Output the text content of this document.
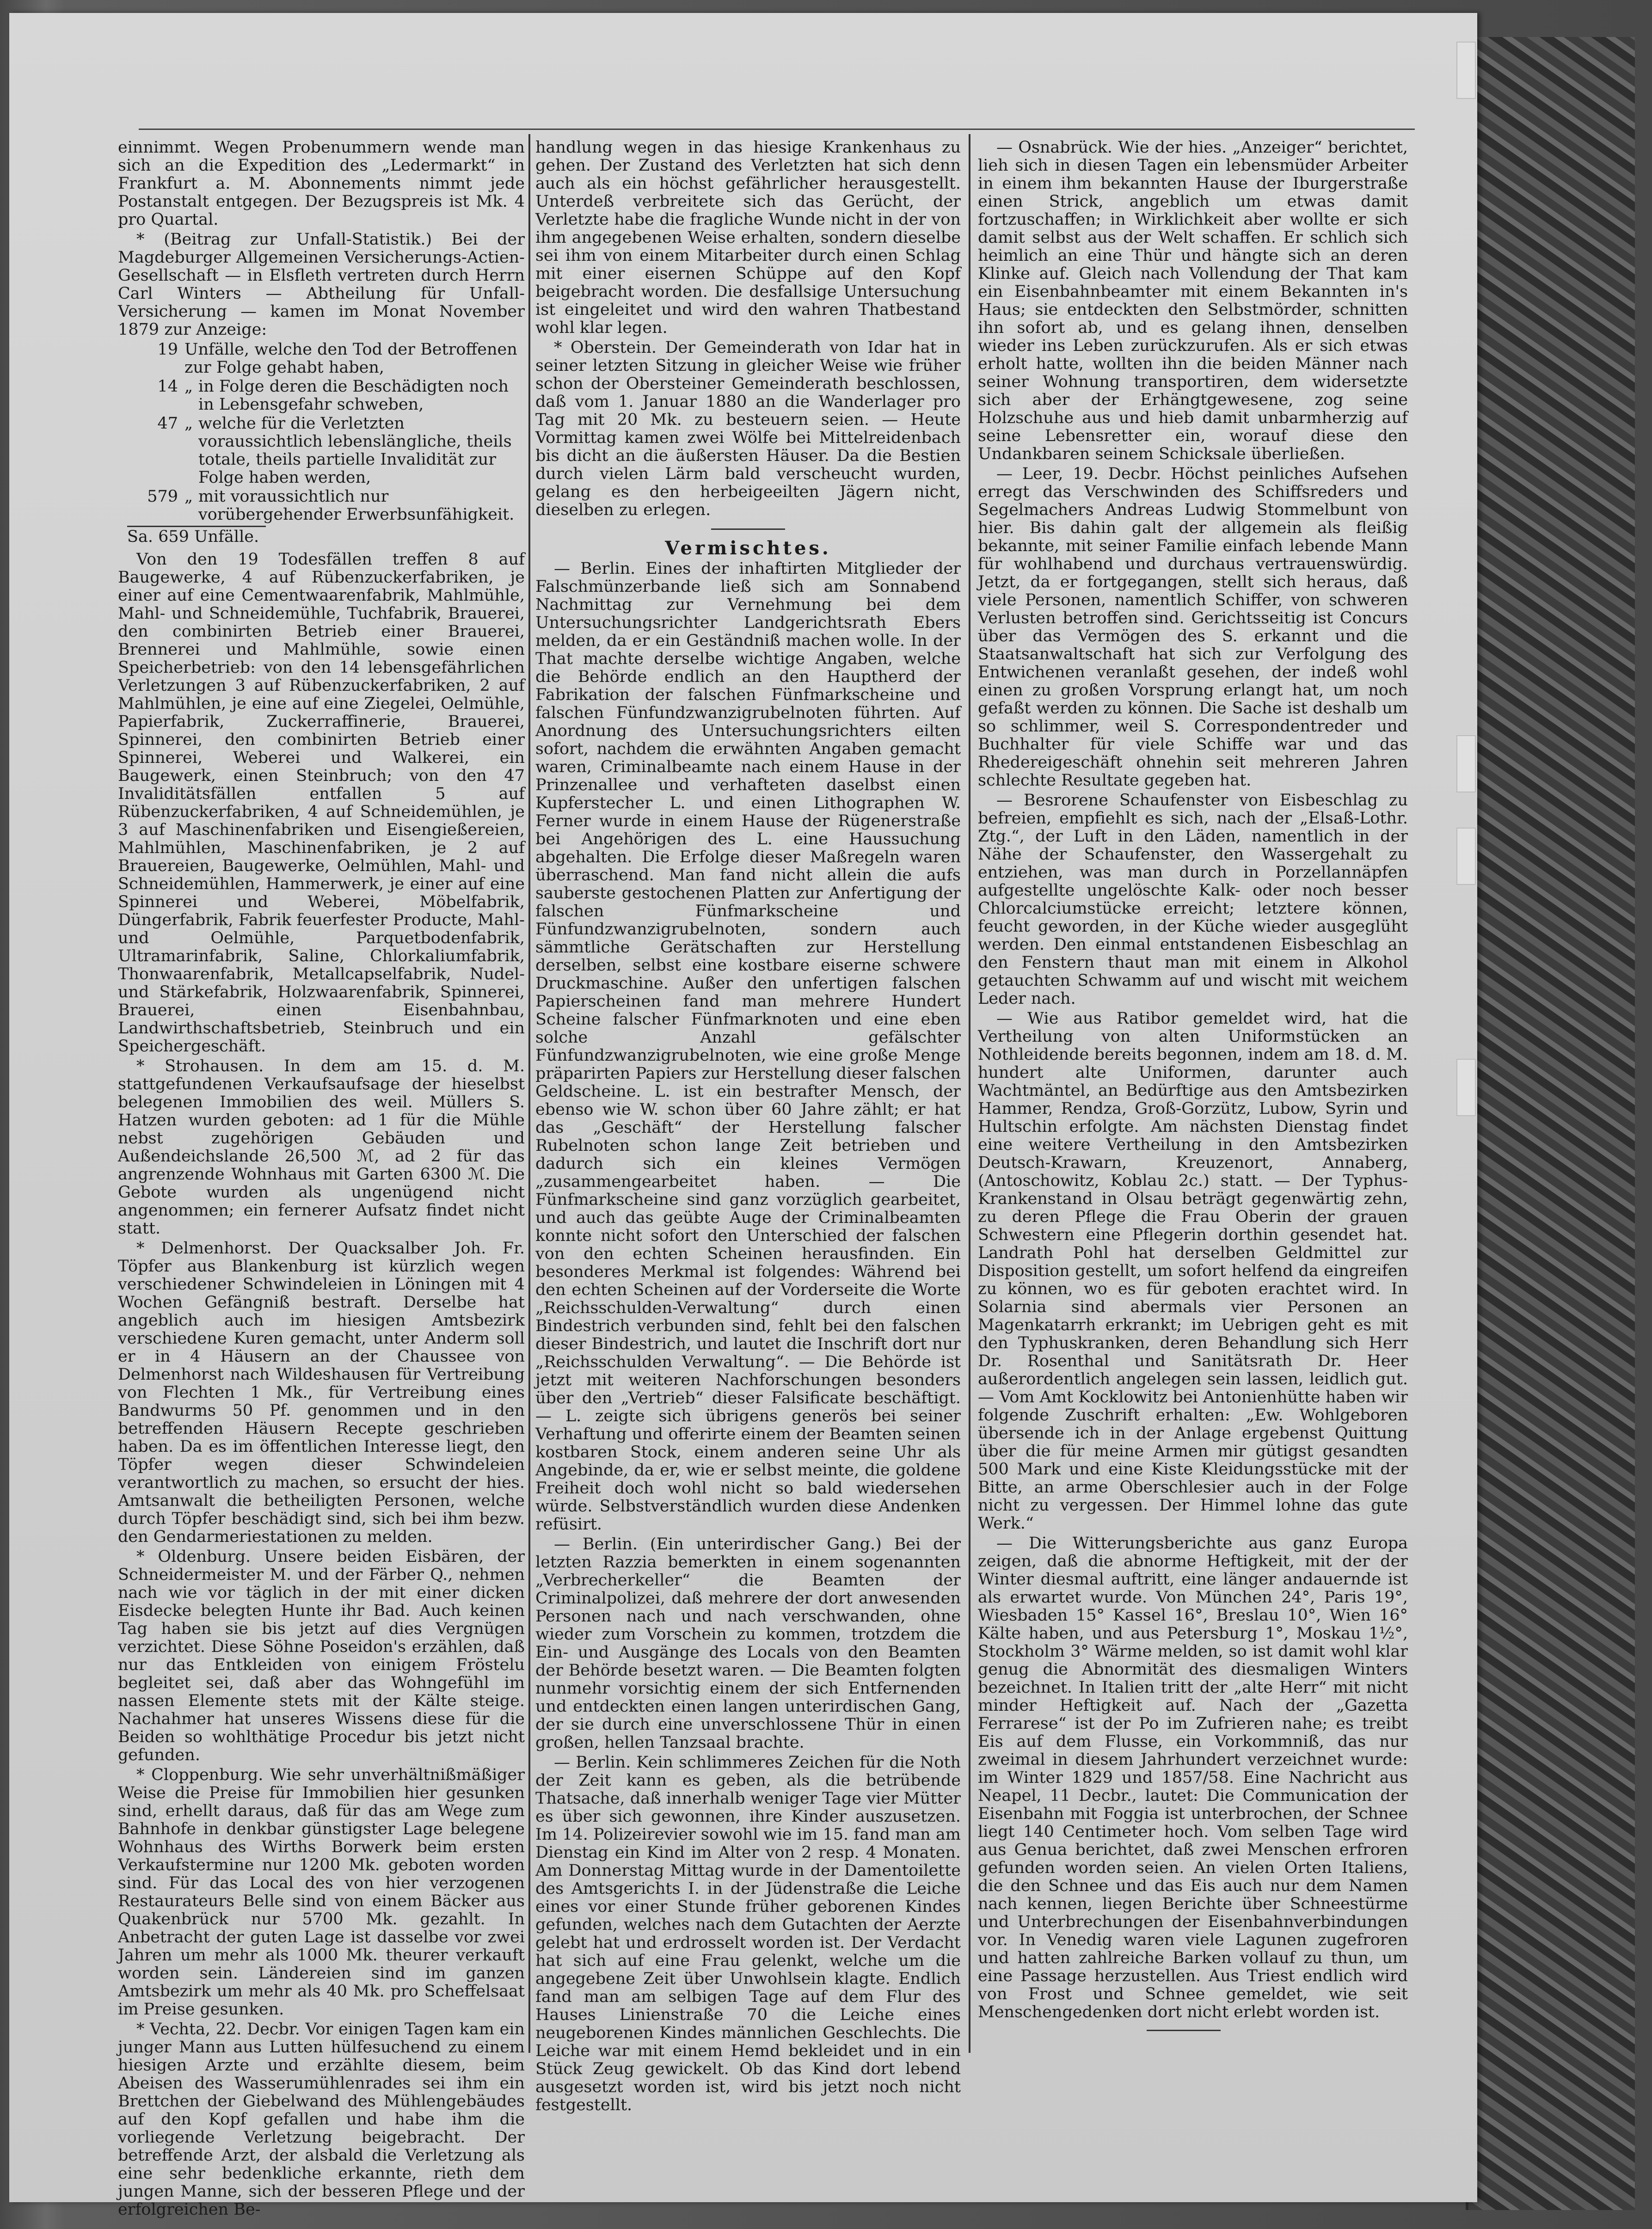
einnimmt. Wegen Probenummern wende man sich an die Expedition des „Ledermarkt“ in Frankfurt a. M. Abonnements nimmt jede Postanstalt entgegen. Der Bezugspreis ist Mk. 4 pro Quartal.

* (Beitrag zur Unfall-Statistik.) Bei der Magdeburger Allgemeinen Versicherungs-Actien-Gesellschaft — in Elsfleth vertreten durch Herrn Carl Winters — Abtheilung für Unfall-Versicherung — kamen im Monat November 1879 zur Anzeige:

19 Unfälle, welche den Tod der Betroffenen zur Folge gehabt haben,
14 „ in Folge deren die Beschädigten noch in Lebensgefahr schweben,
47 „ welche für die Verletzten voraussichtlich lebenslängliche, theils totale, theils partielle Invalidität zur Folge haben werden,
579 „ mit voraussichtlich nur vorübergehender Erwerbsunfähigkeit.
Sa. 659 Unfälle.

Von den 19 Todesfällen treffen 8 auf Baugewerke, 4 auf Rübenzuckerfabriken, je einer auf eine Cementwaarenfabrik, Mahlmühle, Mahl- und Schneidemühle, Tuchfabrik, Brauerei, den combinirten Betrieb einer Brauerei, Brennerei und Mahlmühle, sowie einen Speicherbetrieb: von den 14 lebensgefährlichen Verletzungen 3 auf Rübenzuckerfabriken, 2 auf Mahlmühlen, je eine auf eine Ziegelei, Oelmühle, Papierfabrik, Zuckerraffinerie, Brauerei, Spinnerei, den combinirten Betrieb einer Spinnerei, Weberei und Walkerei, ein Baugewerk, einen Steinbruch; von den 47 Invaliditätsfällen entfallen 5 auf Rübenzuckerfabriken, 4 auf Schneidemühlen, je 3 auf Maschinenfabriken und Eisengießereien, Mahlmühlen, Maschinenfabriken, je 2 auf Brauereien, Baugewerke, Oelmühlen, Mahl- und Schneidemühlen, Hammerwerk, je einer auf eine Spinnerei und Weberei, Möbelfabrik, Düngerfabrik, Fabrik feuerfester Producte, Mahl- und Oelmühle, Parquetbodenfabrik, Ultramarinfabrik, Saline, Chlorkaliumfabrik, Thonwaarenfabrik, Metallcapselfabrik, Nudel- und Stärkefabrik, Holzwaarenfabrik, Spinnerei, Brauerei, einen Eisenbahnbau, Landwirthschaftsbetrieb, Steinbruch und ein Speichergeschäft.

* Strohausen. In dem am 15. d. M. stattgefundenen Verkaufsaufsage der hieselbst belegenen Immobilien des weil. Müllers S. Hatzen wurden geboten: ad 1 für die Mühle nebst zugehörigen Gebäuden und Außendeichslande 26,500 ℳ, ad 2 für das angrenzende Wohnhaus mit Garten 6300 ℳ. Die Gebote wurden als ungenügend nicht angenommen; ein fernerer Aufsatz findet nicht statt.

* Delmenhorst. Der Quacksalber Joh. Fr. Töpfer aus Blankenburg ist kürzlich wegen verschiedener Schwindeleien in Löningen mit 4 Wochen Gefängniß bestraft. Derselbe hat angeblich auch im hiesigen Amtsbezirk verschiedene Kuren gemacht, unter Anderm soll er in 4 Häusern an der Chaussee von Delmenhorst nach Wildeshausen für Vertreibung von Flechten 1 Mk., für Vertreibung eines Bandwurms 50 Pf. genommen und in den betreffenden Häusern Recepte geschrieben haben. Da es im öffentlichen Interesse liegt, den Töpfer wegen dieser Schwindeleien verantwortlich zu machen, so ersucht der hies. Amtsanwalt die betheiligten Personen, welche durch Töpfer beschädigt sind, sich bei ihm bezw. den Gendarmeriestationen zu melden.

* Oldenburg. Unsere beiden Eisbären, der Schneidermeister M. und der Färber Q., nehmen nach wie vor täglich in der mit einer dicken Eisdecke belegten Hunte ihr Bad. Auch keinen Tag haben sie bis jetzt auf dies Vergnügen verzichtet. Diese Söhne Poseidon's erzählen, daß nur das Entkleiden von einigem Fröstelu begleitet sei, daß aber das Wohngefühl im nassen Elemente stets mit der Kälte steige. Nachahmer hat unseres Wissens diese für die Beiden so wohlthätige Procedur bis jetzt nicht gefunden.

* Cloppenburg. Wie sehr unverhältnißmäßiger Weise die Preise für Immobilien hier gesunken sind, erhellt daraus, daß für das am Wege zum Bahnhofe in denkbar günstigster Lage belegene Wohnhaus des Wirths Borwerk beim ersten Verkaufstermine nur 1200 Mk. geboten worden sind. Für das Local des von hier verzogenen Restaurateurs Belle sind von einem Bäcker aus Quakenbrück nur 5700 Mk. gezahlt. In Anbetracht der guten Lage ist dasselbe vor zwei Jahren um mehr als 1000 Mk. theurer verkauft worden sein. Ländereien sind im ganzen Amtsbezirk um mehr als 40 Mk. pro Scheffelsaat im Preise gesunken.

* Vechta, 22. Decbr. Vor einigen Tagen kam ein junger Mann aus Lutten hülfesuchend zu einem hiesigen Arzte und erzählte diesem, beim Abeisen des Wasserumühlenrades sei ihm ein Brettchen der Giebelwand des Mühlengebäudes auf den Kopf gefallen und habe ihm die vorliegende Verletzung beigebracht. Der betreffende Arzt, der alsbald die Verletzung als eine sehr bedenkliche erkannte, rieth dem jungen Manne, sich der besseren Pflege und der erfolgreichen Be-

handlung wegen in das hiesige Krankenhaus zu gehen. Der Zustand des Verletzten hat sich denn auch als ein höchst gefährlicher herausgestellt. Unterdeß verbreitete sich das Gerücht, der Verletzte habe die fragliche Wunde nicht in der von ihm angegebenen Weise erhalten, sondern dieselbe sei ihm von einem Mitarbeiter durch einen Schlag mit einer eisernen Schüppe auf den Kopf beigebracht worden. Die desfallsige Untersuchung ist eingeleitet und wird den wahren Thatbestand wohl klar legen.

* Oberstein. Der Gemeinderath von Idar hat in seiner letzten Sitzung in gleicher Weise wie früher schon der Obersteiner Gemeinderath beschlossen, daß vom 1. Januar 1880 an die Wanderlager pro Tag mit 20 Mk. zu besteuern seien. — Heute Vormittag kamen zwei Wölfe bei Mittelreidenbach bis dicht an die äußersten Häuser. Da die Bestien durch vielen Lärm bald verscheucht wurden, gelang es den herbeigeeilten Jägern nicht, dieselben zu erlegen.

Vermischtes.

— Berlin. Eines der inhaftirten Mitglieder der Falschmünzerbande ließ sich am Sonnabend Nachmittag zur Vernehmung bei dem Untersuchungsrichter Landgerichtsrath Ebers melden, da er ein Geständniß machen wolle. In der That machte derselbe wichtige Angaben, welche die Behörde endlich an den Hauptherd der Fabrikation der falschen Fünfmarkscheine und falschen Fünfundzwanzigrubelnoten führten. Auf Anordnung des Untersuchungsrichters eilten sofort, nachdem die erwähnten Angaben gemacht waren, Criminalbeamte nach einem Hause in der Prinzenallee und verhafteten daselbst einen Kupferstecher L. und einen Lithographen W. Ferner wurde in einem Hause der Rügenerstraße bei Angehörigen des L. eine Haussuchung abgehalten. Die Erfolge dieser Maßregeln waren überraschend. Man fand nicht allein die aufs sauberste gestochenen Platten zur Anfertigung der falschen Fünfmarkscheine und Fünfundzwanzigrubelnoten, sondern auch sämmtliche Gerätschaften zur Herstellung derselben, selbst eine kostbare eiserne schwere Druckmaschine. Außer den unfertigen falschen Papierscheinen fand man mehrere Hundert Scheine falscher Fünfmarknoten und eine eben solche Anzahl gefälschter Fünfundzwanzigrubelnoten, wie eine große Menge präparirten Papiers zur Herstellung dieser falschen Geldscheine. L. ist ein bestrafter Mensch, der ebenso wie W. schon über 60 Jahre zählt; er hat das „Geschäft“ der Herstellung falscher Rubelnoten schon lange Zeit betrieben und dadurch sich ein kleines Vermögen „zusammengearbeitet haben. — Die Fünfmarkscheine sind ganz vorzüglich gearbeitet, und auch das geübte Auge der Criminalbeamten konnte nicht sofort den Unterschied der falschen von den echten Scheinen herausfinden. Ein besonderes Merkmal ist folgendes: Während bei den echten Scheinen auf der Vorderseite die Worte „Reichsschulden-Verwaltung“ durch einen Bindestrich verbunden sind, fehlt bei den falschen dieser Bindestrich, und lautet die Inschrift dort nur „Reichsschulden Verwaltung“. — Die Behörde ist jetzt mit weiteren Nachforschungen besonders über den „Vertrieb“ dieser Falsificate beschäftigt. — L. zeigte sich übrigens generös bei seiner Verhaftung und offerirte einem der Beamten seinen kostbaren Stock, einem anderen seine Uhr als Angebinde, da er, wie er selbst meinte, die goldene Freiheit doch wohl nicht so bald wiedersehen würde. Selbstverständlich wurden diese Andenken refüsirt.

— Berlin. (Ein unterirdischer Gang.) Bei der letzten Razzia bemerkten in einem sogenannten „Verbrecherkeller“ die Beamten der Criminalpolizei, daß mehrere der dort anwesenden Personen nach und nach verschwanden, ohne wieder zum Vorschein zu kommen, trotzdem die Ein- und Ausgänge des Locals von den Beamten der Behörde besetzt waren. — Die Beamten folgten nunmehr vorsichtig einem der sich Entfernenden und entdeckten einen langen unterirdischen Gang, der sie durch eine unverschlossene Thür in einen großen, hellen Tanzsaal brachte.

— Berlin. Kein schlimmeres Zeichen für die Noth der Zeit kann es geben, als die betrübende Thatsache, daß innerhalb weniger Tage vier Mütter es über sich gewonnen, ihre Kinder auszusetzen. Im 14. Polizeirevier sowohl wie im 15. fand man am Dienstag ein Kind im Alter von 2 resp. 4 Monaten. Am Donnerstag Mittag wurde in der Damentoilette des Amtsgerichts I. in der Jüdenstraße die Leiche eines vor einer Stunde früher geborenen Kindes gefunden, welches nach dem Gutachten der Aerzte gelebt hat und erdrosselt worden ist. Der Verdacht hat sich auf eine Frau gelenkt, welche um die angegebene Zeit über Unwohlsein klagte. Endlich fand man am selbigen Tage auf dem Flur des Hauses Linienstraße 70 die Leiche eines neugeborenen Kindes männlichen Geschlechts. Die Leiche war mit einem Hemd bekleidet und in ein Stück Zeug gewickelt. Ob das Kind dort lebend ausgesetzt worden ist, wird bis jetzt noch nicht festgestellt.

— Osnabrück. Wie der hies. „Anzeiger“ berichtet, lieh sich in diesen Tagen ein lebensmüder Arbeiter in einem ihm bekannten Hause der Iburgerstraße einen Strick, angeblich um etwas damit fortzuschaffen; in Wirklichkeit aber wollte er sich damit selbst aus der Welt schaffen. Er schlich sich heimlich an eine Thür und hängte sich an deren Klinke auf. Gleich nach Vollendung der That kam ein Eisenbahnbeamter mit einem Bekannten in's Haus; sie entdeckten den Selbstmörder, schnitten ihn sofort ab, und es gelang ihnen, denselben wieder ins Leben zurückzurufen. Als er sich etwas erholt hatte, wollten ihn die beiden Männer nach seiner Wohnung transportiren, dem widersetzte sich aber der Erhängtgewesene, zog seine Holzschuhe aus und hieb damit unbarmherzig auf seine Lebensretter ein, worauf diese den Undankbaren seinem Schicksale überließen.

— Leer, 19. Decbr. Höchst peinliches Aufsehen erregt das Verschwinden des Schiffsreders und Segelmachers Andreas Ludwig Stommelbunt von hier. Bis dahin galt der allgemein als fleißig bekannte, mit seiner Familie einfach lebende Mann für wohlhabend und durchaus vertrauenswürdig. Jetzt, da er fortgegangen, stellt sich heraus, daß viele Personen, namentlich Schiffer, von schweren Verlusten betroffen sind. Gerichtsseitig ist Concurs über das Vermögen des S. erkannt und die Staatsanwaltschaft hat sich zur Verfolgung des Entwichenen veranlaßt gesehen, der indeß wohl einen zu großen Vorsprung erlangt hat, um noch gefaßt werden zu können. Die Sache ist deshalb um so schlimmer, weil S. Correspondentreder und Buchhalter für viele Schiffe war und das Rhedereigeschäft ohnehin seit mehreren Jahren schlechte Resultate gegeben hat.

— Besrorene Schaufenster von Eisbeschlag zu befreien, empfiehlt es sich, nach der „Elsaß-Lothr. Ztg.“, der Luft in den Läden, namentlich in der Nähe der Schaufenster, den Wassergehalt zu entziehen, was man durch in Porzellannäpfen aufgestellte ungelöschte Kalk- oder noch besser Chlorcalciumstücke erreicht; letztere können, feucht geworden, in der Küche wieder ausgeglüht werden. Den einmal entstandenen Eisbeschlag an den Fenstern thaut man mit einem in Alkohol getauchten Schwamm auf und wischt mit weichem Leder nach.

— Wie aus Ratibor gemeldet wird, hat die Vertheilung von alten Uniformstücken an Nothleidende bereits begonnen, indem am 18. d. M. hundert alte Uniformen, darunter auch Wachtmäntel, an Bedürftige aus den Amtsbezirken Hammer, Rendza, Groß-Gorzütz, Lubow, Syrin und Hultschin erfolgte. Am nächsten Dienstag findet eine weitere Vertheilung in den Amtsbezirken Deutsch-Krawarn, Kreuzenort, Annaberg, (Antoschowitz, Koblau 2c.) statt. — Der Typhus-Krankenstand in Olsau beträgt gegenwärtig zehn, zu deren Pflege die Frau Oberin der grauen Schwestern eine Pflegerin dorthin gesendet hat. Landrath Pohl hat derselben Geldmittel zur Disposition gestellt, um sofort helfend da eingreifen zu können, wo es für geboten erachtet wird. In Solarnia sind abermals vier Personen an Magenkatarrh erkrankt; im Uebrigen geht es mit den Typhuskranken, deren Behandlung sich Herr Dr. Rosenthal und Sanitätsrath Dr. Heer außerordentlich angelegen sein lassen, leidlich gut. — Vom Amt Kocklowitz bei Antonienhütte haben wir folgende Zuschrift erhalten: „Ew. Wohlgeboren übersende ich in der Anlage ergebenst Quittung über die für meine Armen mir gütigst gesandten 500 Mark und eine Kiste Kleidungsstücke mit der Bitte, an arme Oberschlesier auch in der Folge nicht zu vergessen. Der Himmel lohne das gute Werk.“

— Die Witterungsberichte aus ganz Europa zeigen, daß die abnorme Heftigkeit, mit der der Winter diesmal auftritt, eine länger andauernde ist als erwartet wurde. Von München 24°, Paris 19°, Wiesbaden 15° Kassel 16°, Breslau 10°, Wien 16° Kälte haben, und aus Petersburg 1°, Moskau 1¹⁄₂°, Stockholm 3° Wärme melden, so ist damit wohl klar genug die Abnormität des diesmaligen Winters bezeichnet. In Italien tritt der „alte Herr“ mit nicht minder Heftigkeit auf. Nach der „Gazetta Ferrarese“ ist der Po im Zufrieren nahe; es treibt Eis auf dem Flusse, ein Vorkommniß, das nur zweimal in diesem Jahrhundert verzeichnet wurde: im Winter 1829 und 1857/58. Eine Nachricht aus Neapel, 11 Decbr., lautet: Die Communication der Eisenbahn mit Foggia ist unterbrochen, der Schnee liegt 140 Centimeter hoch. Vom selben Tage wird aus Genua berichtet, daß zwei Menschen erfroren gefunden worden seien. An vielen Orten Italiens, die den Schnee und das Eis auch nur dem Namen nach kennen, liegen Berichte über Schneestürme und Unterbrechungen der Eisenbahnverbindungen vor. In Venedig waren viele Lagunen zugefroren und hatten zahlreiche Barken vollauf zu thun, um eine Passage herzustellen. Aus Triest endlich wird von Frost und Schnee gemeldet, wie seit Menschengedenken dort nicht erlebt worden ist.
